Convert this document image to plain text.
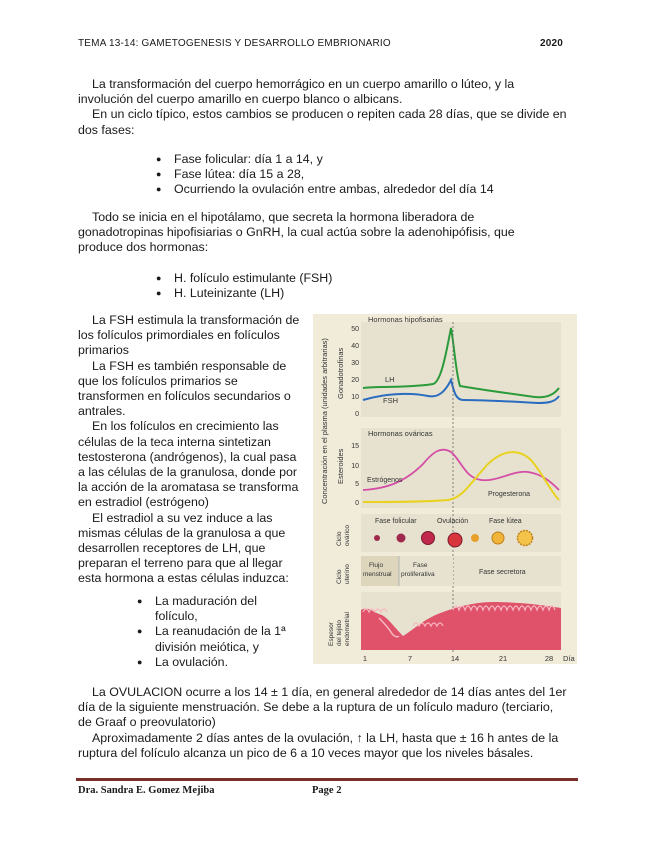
TEMA 13-14: GAMETOGENESIS Y DESARROLLO EMBRIONARIO	2020

La transformación del cuerpo hemorrágico en un cuerpo amarillo o lúteo, y la involución del cuerpo amarillo en cuerpo blanco o albicans.

En un ciclo típico, estos cambios se producen o repiten cada 28 días, que se divide en dos fases:

● Fase folicular: día 1 a 14, y
● Fase lútea: día 15 a 28,
● Ocurriendo la ovulación entre ambas, alrededor del día 14

Todo se inicia en el hipotálamo, que secreta la hormona liberadora de gonadotropinas hipofisiarias o GnRH, la cual actúa sobre la adenohipófisis, que produce dos hormonas:

● H. folículo estimulante (FSH)
● H. Luteinizante (LH)

La FSH estimula la transformación de los folículos primordiales en folículos primarios

La FSH es también responsable de que los folículos primarios se transformen en folículos secundarios o antrales.

En los folículos en crecimiento las células de la teca interna sintetizan testosterona (andrógenos), la cual pasa a las células de la granulosa, donde por la acción de la aromatasa se transforma en estradiol (estrógeno)

El estradiol a su vez induce a las mismas células de la granulosa a que desarrollen receptores de LH, que preparan el terreno para que al llegar esta hormona a estas células induzca:

● La maduración del folículo,
● La reanudación de la 1ª división meiótica, y
● La ovulación.
Concentración en el plasma (unidades arbitrarias)
Hormonas hipofisarias
Gonadotrofinas
50
40
30
20
10
0
LH
FSH
Hormonas ováricas
Esteroides
15
10
5
0
Estrógenos
Progesterona
Ciclo ovárico
Fase folicular	Ovulación	Fase lútea
Ciclo uterino	Flujo menstrual
Fase proliferativa	Fase secretora
Espesor del tejido endometrial
1	7	14	21	28 Día

La OVULACION ocurre a los 14 ± 1 día, en general alrededor de 14 días antes del 1er día de la siguiente menstruación. Se debe a la ruptura de un folículo maduro (terciario, de Graaf o preovulatorio)

Aproximadamente 2 días antes de la ovulación, ↑ la LH, hasta que ± 16 h antes de la ruptura del folículo alcanza un pico de 6 a 10 veces mayor que los niveles básales.

Dra. Sandra E. Gomez Mejiba	Page 2
